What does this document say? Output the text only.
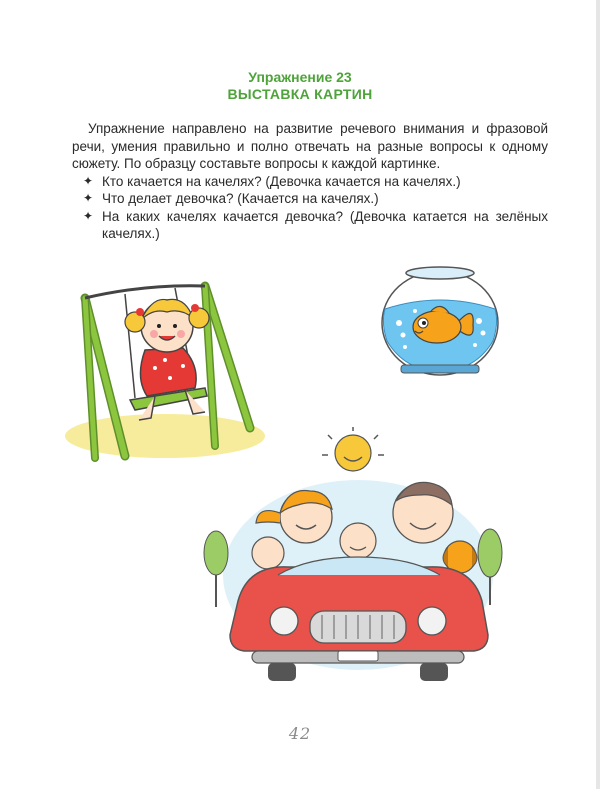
Упражнение 23
ВЫСТАВКА КАРТИН

Упражнение направлено на развитие речевого внимания и фразовой речи, умения правильно и полно отвечать на разные вопросы к одному сюжету. По образцу составьте вопросы к каждой картинке.

✦ Кто качается на качелях? (Девочка качается на качелях.)
✦ Что делает девочка? (Качается на качелях.)
✦ На каких качелях качается девочка? (Девочка катается на зелёных качелях.)
42
